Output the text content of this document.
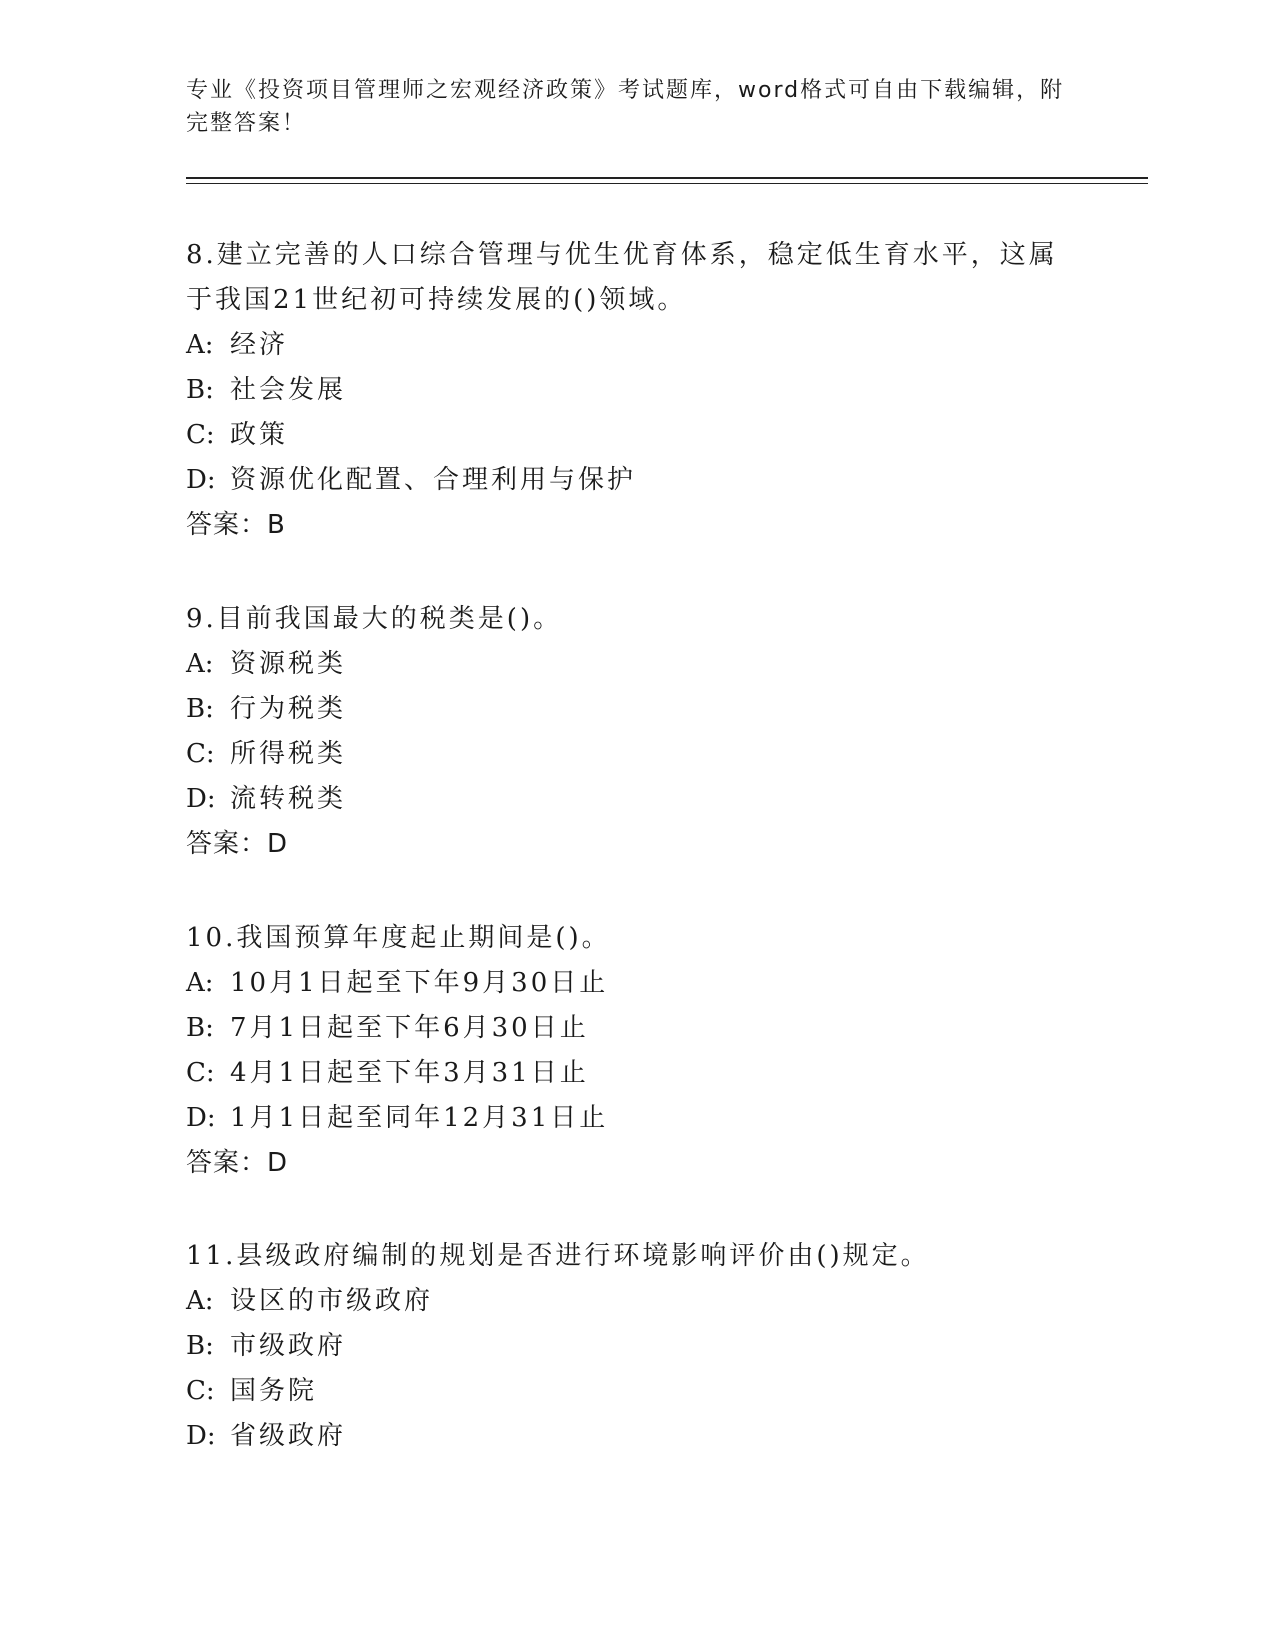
专业《投资项目管理师之宏观经济政策》考试题库，word格式可自由下载编辑，附完整答案！
8.建立完善的人口综合管理与优生优育体系，稳定低生育水平，这属于我国21世纪初可持续发展的()领域。
A: 经济
B: 社会发展
C: 政策
D: 资源优化配置、合理利用与保护
答案：B
9.目前我国最大的税类是()。
A: 资源税类
B: 行为税类
C: 所得税类
D: 流转税类
答案：D
10.我国预算年度起止期间是()。
A: 10月1日起至下年9月30日止
B: 7月1日起至下年6月30日止
C: 4月1日起至下年3月31日止
D: 1月1日起至同年12月31日止
答案：D
11.县级政府编制的规划是否进行环境影响评价由()规定。
A: 设区的市级政府
B: 市级政府
C: 国务院
D: 省级政府
